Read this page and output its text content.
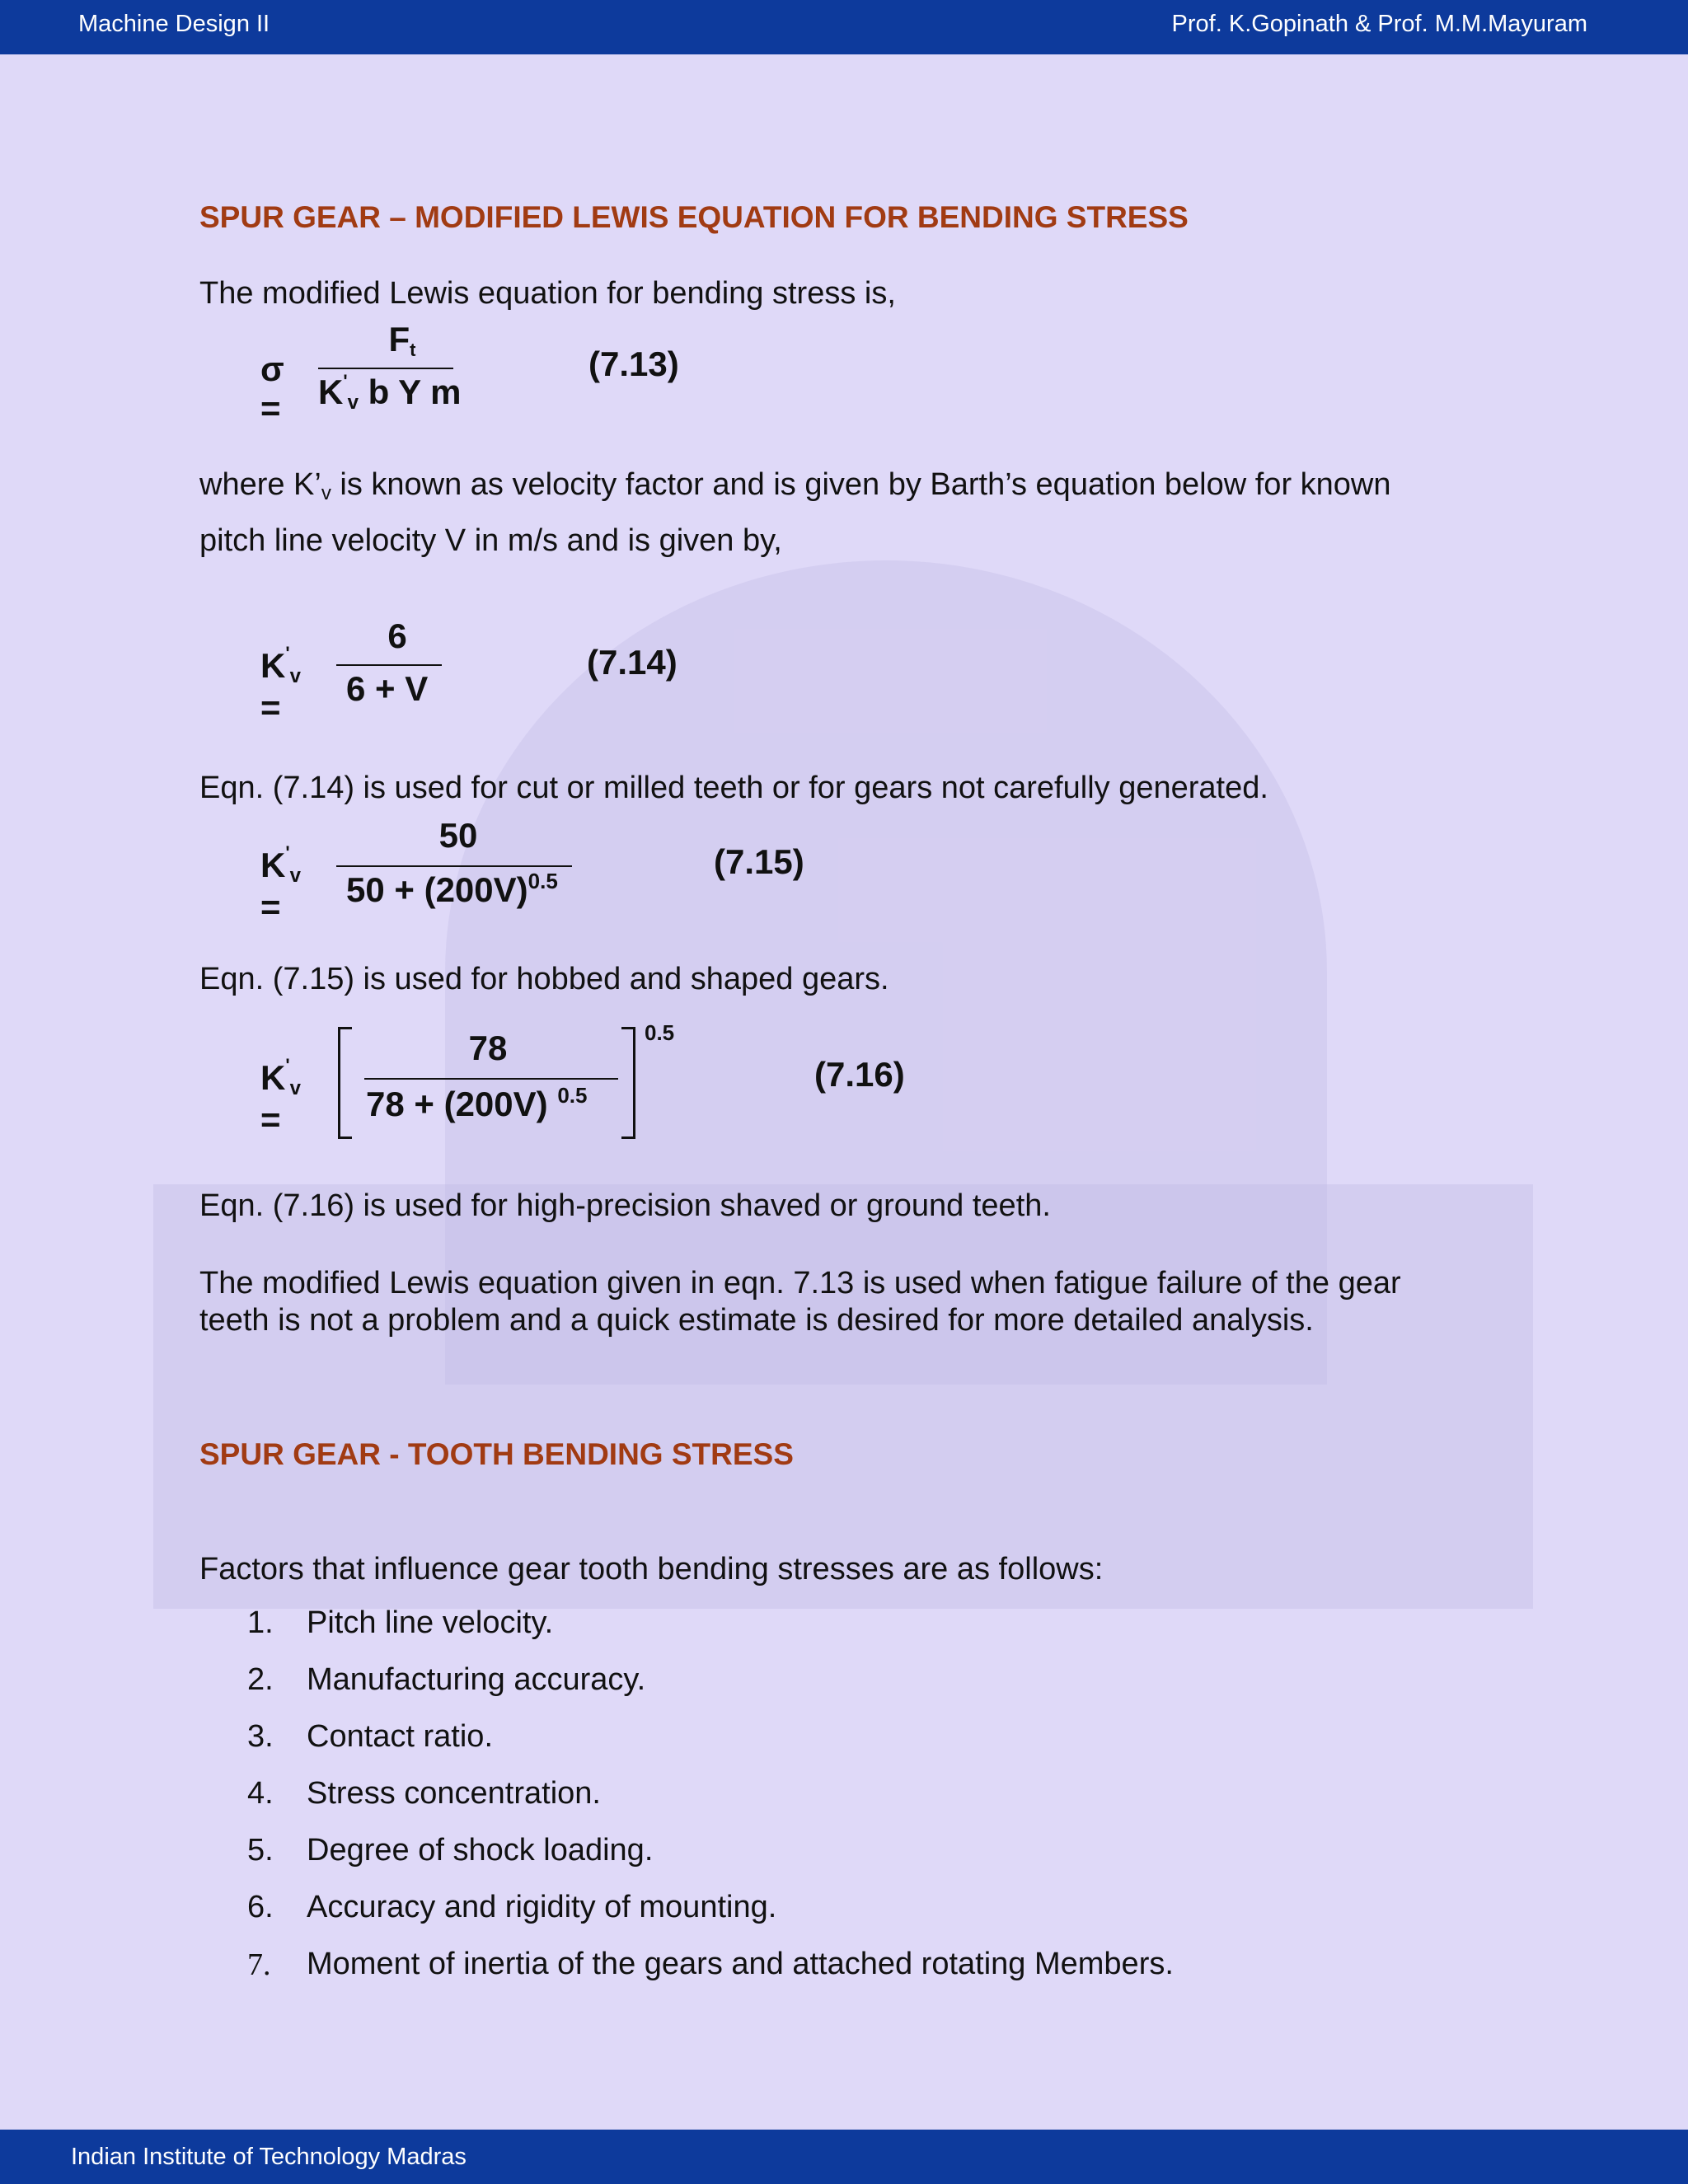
Machine Design II	Prof. K.Gopinath & Prof. M.M.Mayuram
SPUR GEAR – MODIFIED LEWIS EQUATION FOR BENDING STRESS
The modified Lewis equation for bending stress is,
σ =
$F_t$
$K'_v$ b Y m
(7.13)
where $K’_v$ is known as velocity factor and is given by Barth’s equation below for known
pitch line velocity V in m/s and is given by,
$K'_v$ =
6
6 + V
(7.14)
Eqn. (7.14) is used for cut or milled teeth or for gears not carefully generated.
$K'_v$ =
50
$50 + (200V)^{0.5}$	(7.15)
Eqn. (7.15) is used for hobbed and shaped gears.
$K'_v$ =
78
78 + (200V) $^{0.5}$
0.5
(7.16)
Eqn. (7.16) is used for high-precision shaved or ground teeth.
The modified Lewis equation given in eqn. 7.13 is used when fatigue failure of the gear
teeth is not a problem and a quick estimate is desired for more detailed analysis.
SPUR GEAR - TOOTH BENDING STRESS
Factors that influence gear tooth bending stresses are as follows:
1. Pitch line velocity.
2. Manufacturing accuracy.
3. Contact ratio.
4. Stress concentration.
5. Degree of shock loading.
6. Accuracy and rigidity of mounting.
7.	Moment of inertia of the gears and attached rotating Members.
Indian Institute of Technology Madras
